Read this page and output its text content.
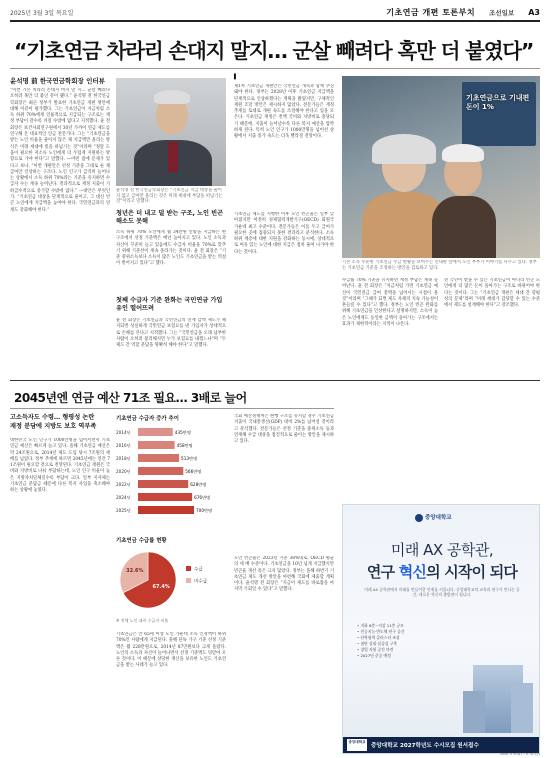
2025년 3월 3일 목요일	기초연금 개편 토론부치 조선일보 A3
“기초연금 차라리 손대지 말지… 군살 빼려다 혹만 더 붙였다”
윤석명 前 한국연금학회장 인터뷰
“이번 기본 차라리 손대지 마지 말 지… 군살 빼려다 오히려 혹만 더 붙인 꼴이 됐다.” 윤석명 전 한국연금학회장은 최근 정부가 발표한 기초연금 개편 방안에 대해 이같이 평가했다. 그는 기초연금이 지금처럼 소득 하위 70%에게 일률적으로 지급되는 구조로는 재정 부담이 갈수록 커질 수밖에 없다고 지적했다. 윤 전 회장은 보건사회연구원에서 30년 가까이 연금 제도를 연구해 온 대표적인 연금 전문가다. 그는 “기초연금을 받는 노인 비율을 줄이지 않은 채 지급액만 올리는 방식은 미래 세대에 빚을 떠넘기는 것”이라며 “정말 도움이 필요한 저소득 노인에게 더 두텁게 지원하는 방향으로 가야 한다”고 말했다. —어떤 점에 문제가 있다고 보나. “이번 개편안은 선정 기준을 그대로 둔 채 급여만 인상하는 구조다. 노인 인구가 급격히 늘어나는 상황에서 소득 하위 70%라는 기준을 유지하면 수급자 수는 계속 늘어난다. 결과적으로 재정 지출이 기하급수적으로 증가할 수밖에 없다.” —대안은 무엇인가. “기초연금 대상을 단계적으로 줄이고, 그 대신 빈곤 노인에게 지급액을 높여야 한다. 국민연금과의 연계도 강화해야 한다.”
윤석명 전 한국연금학회장은 “기초연금 지급 대상을 줄이지 않고 급여만 올리는 것은 미래 세대에 부담을 떠넘기는 것”이라고 말했다.
청년은 더 내고 덜 받는 구조, 노인 빈곤 해소도 못해
소득 하위 70% 노인에게 월 34만원 안팎을 지급하는 현 구조에서 선정 기준액은 매년 높아지고 있다. 노인 소득과 자산이 꾸준히 늘고 있음에도 수급자 비율을 70%로 맞추기 위해 기준선이 계속 올라가는 것이다. 윤 전 회장은 “기준 중위소득보다 소득이 많은 노인도 기초연금을 받는 역설이 벌어지고 있다”고 했다.
첫째 수급자 기준 완화는 국민연금 가입 유인 떨어뜨려
윤 전 회장은 기초연금과 국민연금의 연계 감액 제도가 폐지되면 성실하게 국민연금 보험료를 낸 가입자가 상대적으로 손해를 본다고 지적했다. 그는 “국민연금을 오래 납부한 사람이 오히려 불리해지면 누가 보험료를 내겠느냐”며 “두 제도 간 역할 분담을 명확히 해야 한다”고 말했다.
▌
제1차 기초연금 개편안은 국민연금 개혁과 함께 추진돼야 한다. 정부는 2028년 이후 기초연금 지급액을 단계적으로 인상하겠다는 계획을 밝혔지만, 구체적인 재원 조달 방안은 제시하지 않았다. 전문가들은 재정 추계를 토대로 개편 속도를 조절해야 한다고 입을 모은다. 기초연금 재정은 전액 국비와 지방비로 충당되기 때문에, 지출이 늘어날수록 다른 복지 예산을 압박하게 된다. 특히 노인 인구가 1000만명을 넘어선 상황에서 지출 증가 속도는 더욱 빨라질 전망이다.
기초연금 제도를 시행한 이후 노인 빈곤율은 일부 낮아졌지만 여전히 경제협력개발기구(OECD) 회원국 가운데 최고 수준이다. 전문가들은 이를 두고 급여가 필요한 곳에 집중되지 못한 결과라고 분석한다. 소득 하위 계층에 대한 지원을 강화하는 동시에, 상대적으로 여유 있는 노인에 대한 지급은 점차 줄여 나가야 한다는 것이다.
기초연금으로 기내편돈이 1%
기본 소득 수준별 기초연금 수급 현황을 보여주는 안내판 앞에서 노인 부부가 이야기를 나누고 있다. 정부는 기초연금 기준을 조정하는 방안을 검토하고 있다.
수급률 70% 기준을 유지하면 재정 부담은 계속 늘어난다. 윤 전 회장은 “지금처럼 가면 기초연금 예산이 국민연금 급여 총액을 넘어서는 시점이 올 것”이라며 “그때가 되면 제도 자체의 지속 가능성이 흔들릴 수 있다”고 했다. 정부는 노인 빈곤 완화를 위해 기초연금을 인상한다고 설명하지만, 소득이 높은 노인에게도 동일한 금액이 돌아가는 구조에서는 효과가 제한적이라는 지적이 나온다.
전 국민이 받을 수 있는 기초연금이 아니라 빈곤 노인에게 더 많은 돈이 돌아가는 구조로 바뀌어야 한다는 것이다. 그는 “기초연금 개편은 세대 간 형평성의 문제”라며 “미래 세대가 감당할 수 있는 수준에서 제도를 설계해야 한다”고 강조했다.
2045년엔 연금 예산 71조 필요… 3배로 늘어
고소득자도 수령… 형평성 논란
재정 분담에 지방도 보호 역부족
대한민국 노인 인구가 1000만명을 넘어서면서 기초연금 예산은 빠르게 늘고 있다. 올해 기초연금 예산은 약 24조원으로, 2014년 제도 도입 당시 7조원의 세 배를 넘었다. 정부 추계에 따르면 2045년에는 연간 71조원이 필요할 것으로 전망된다. 기초연금 재원은 국비와 지방비로 나눠 부담하는데, 노인 인구 비율이 높은 지방자치단체일수록 부담이 크다. 일부 지자체는 기초연금 분담금 때문에 다른 복지 사업을 축소해야 하는 상황에 놓였다.
기초연금 수급자 증가 추이
2014년	435만명
2016년	458만명
2018년	513만명
2020년	566만명
2022년	628만명
2024년	676만명
2025년	700만명
기초연금 수급률 현황
67.4%
수급
32.6%
미수급
※ 전체 노인 대비 수급자 비율
기초연금은 만 65세 이상 노인 가운데 소득 인정액이 하위 70%인 사람에게 지급된다. 올해 단독 가구 기준 선정 기준액은 월 228만원으로, 2014년 87만원보다 크게 올랐다. 노인의 소득과 자산이 늘어나면서 선정 기준액도 덩달아 오른 것이다. 이 때문에 상당한 재산을 보유한 노인도 기초연금을 받는 사례가 늘고 있다.
국회 예산정책처는 현행 구조를 유지할 경우 기초연금 지출이 국내총생산(GDP) 대비 2%를 넘어설 것이라고 분석했다. 전문가들은 선정 기준을 중위소득 등과 연계해 수급 대상을 점진적으로 줄이는 방안을 제시하고 있다.
노인 빈곤율은 2023년 기준 38%대로, OECD 평균의 세 배 수준이다. 기초연금을 10년 넘게 지급했지만 빈곤율 개선 폭은 크지 않았다. 정부는 올해 하반기 기초연금 제도 개선 방안을 마련해 국회에 제출할 계획이다. 윤석명 전 회장은 “지금이 제도를 바로잡을 마지막 기회일 수 있다”고 말했다.
중앙대학교
미래 AX 공학관,
연구 혁신의 시작이 되다
미래 AX 공학관에서 미래를 만들어갈 인재를 키웁니다. 중앙대학교의 교육과 연구가 만나는 공간, 새로운 혁신의 출발점이 됩니다.
• 지하 6층~지상 11층 규모
• 인공지능·반도체 연구 공간
• 산학협력 클러스터 조성
• 첨단 실험·실습실 구축
• 창업 지원 공간 마련
• 2027년 준공 예정
중앙대학교 2027학년도 수시모집 원서접수
중앙대학교
2026. 9. 8.(화) ~ 9. 11.(금)
